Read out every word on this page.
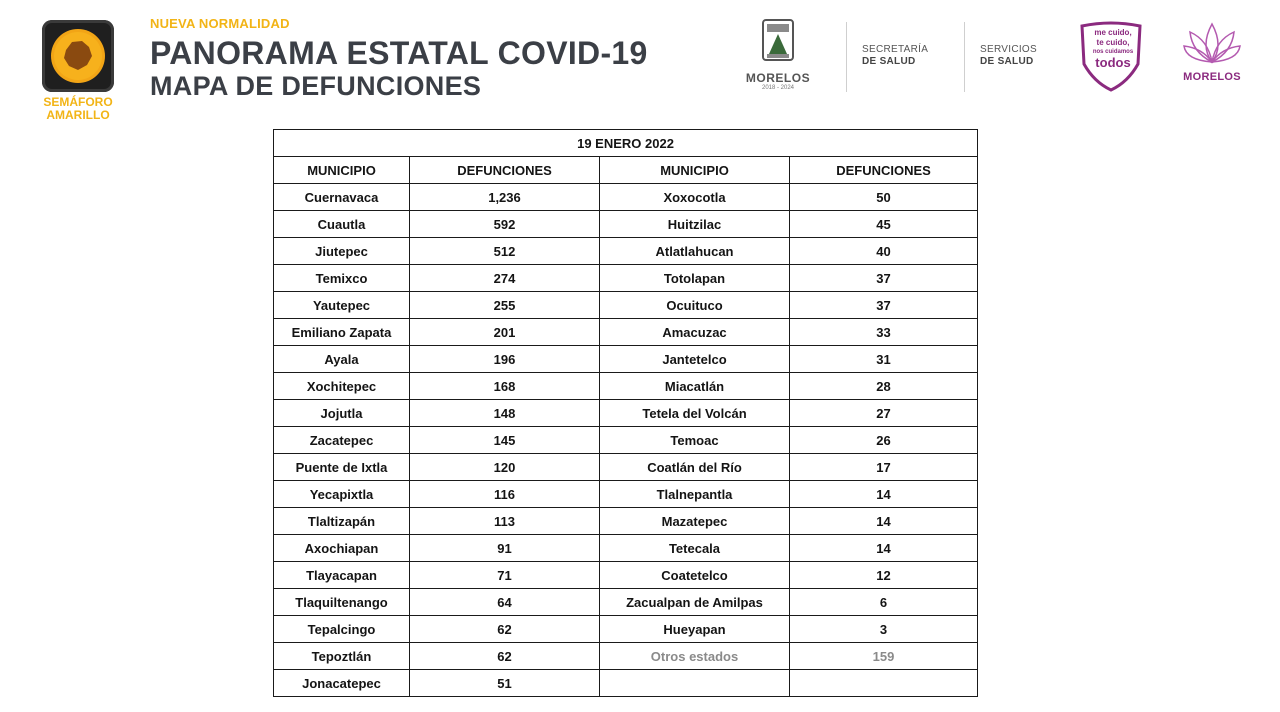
SEMÁFORO
AMARILLO
NUEVA NORMALIDAD
PANORAMA ESTATAL COVID-19
MAPA DE DEFUNCIONES	MORELOS
2018 - 2024
SECRETARÍA
DE SALUD
SERVICIOS
DE SALUD
me cuido,
te cuido,
nos cuidamos
todos
MORELOS
19 ENERO 2022			
MUNICIPIO	DEFUNCIONES	MUNICIPIO	DEFUNCIONES
Cuernavaca	1,236	Xoxocotla	50
Cuautla	592	Huitzilac	45
Jiutepec	512	Atlatlahucan	40
Temixco	274	Totolapan	37
Yautepec	255	Ocuituco	37
Emiliano Zapata	201	Amacuzac	33
Ayala	196	Jantetelco	31
Xochitepec	168	Miacatlán	28
Jojutla	148	Tetela del Volcán	27
Zacatepec	145	Temoac	26
Puente de Ixtla	120	Coatlán del Río	17
Yecapixtla	116	Tlalnepantla	14
Tlaltizapán	113	Mazatepec	14
Axochiapan	91	Tetecala	14
Tlayacapan	71	Coatetelco	12
Tlaquiltenango	64	Zacualpan de Amilpas	6
Tepalcingo	62	Hueyapan	3
Tepoztlán	62	Otros estados	159
Jonacatepec	51		
